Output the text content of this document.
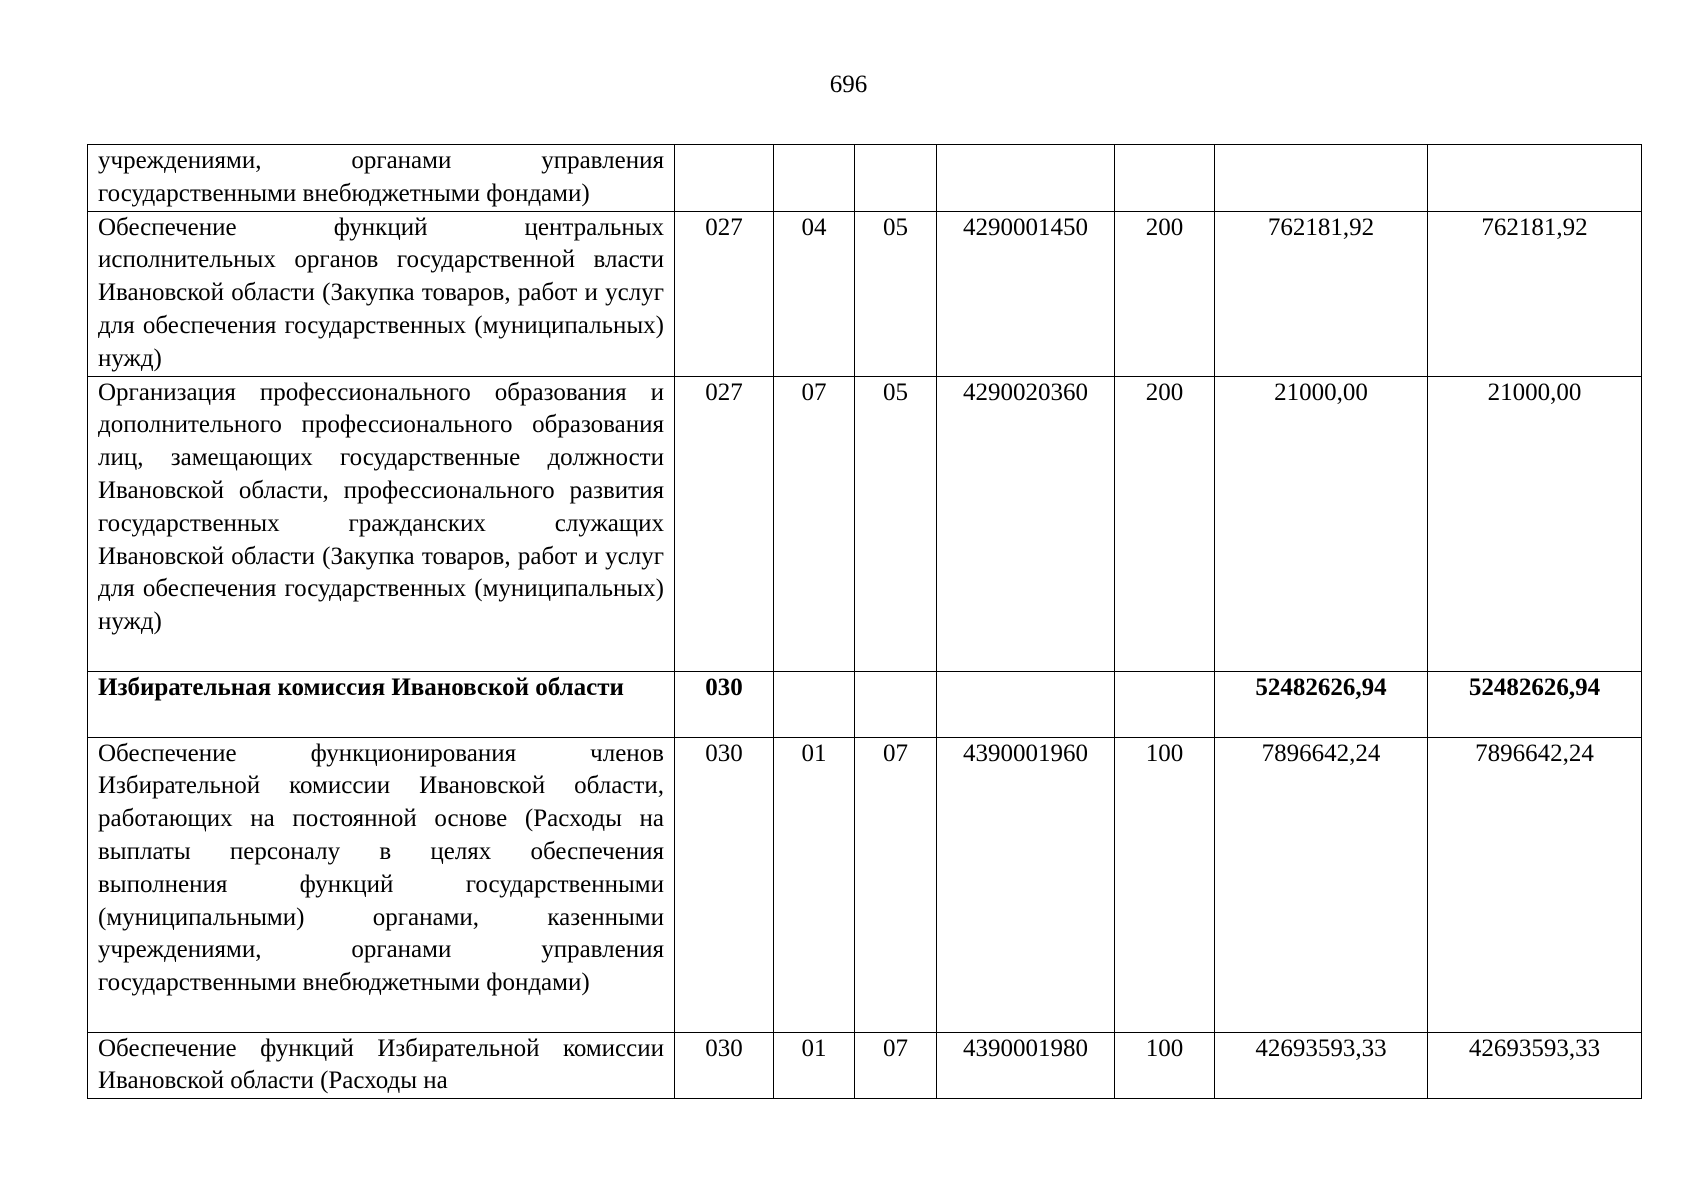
696
учреждениями, органами управления государственными внебюджетными фондами)							
Обеспечение функций центральных исполнительных органов государственной власти Ивановской области (Закупка товаров, работ и услуг для обеспечения государственных (муниципальных) нужд)	027	04	05	4290001450	200	762181,92	762181,92
Организация профессионального образования и дополнительного профессионального образования лиц, замещающих государственные должности Ивановской области, профессионального развития государственных гражданских служащих Ивановской области (Закупка товаров, работ и услуг для обеспечения государственных (муниципальных) нужд)	027	07	05	4290020360	200	21000,00	21000,00
Избирательная комиссия Ивановской области	030					52482626,94	52482626,94
Обеспечение функционирования членов Избирательной комиссии Ивановской области, работающих на постоянной основе (Расходы на выплаты персоналу в целях обеспечения выполнения функций государственными (муниципальными) органами, казенными учреждениями, органами управления государственными внебюджетными фондами)	030	01	07	4390001960	100	7896642,24	7896642,24
Обеспечение функций Избирательной комиссии Ивановской области (Расходы на	030	01	07	4390001980	100	42693593,33	42693593,33
